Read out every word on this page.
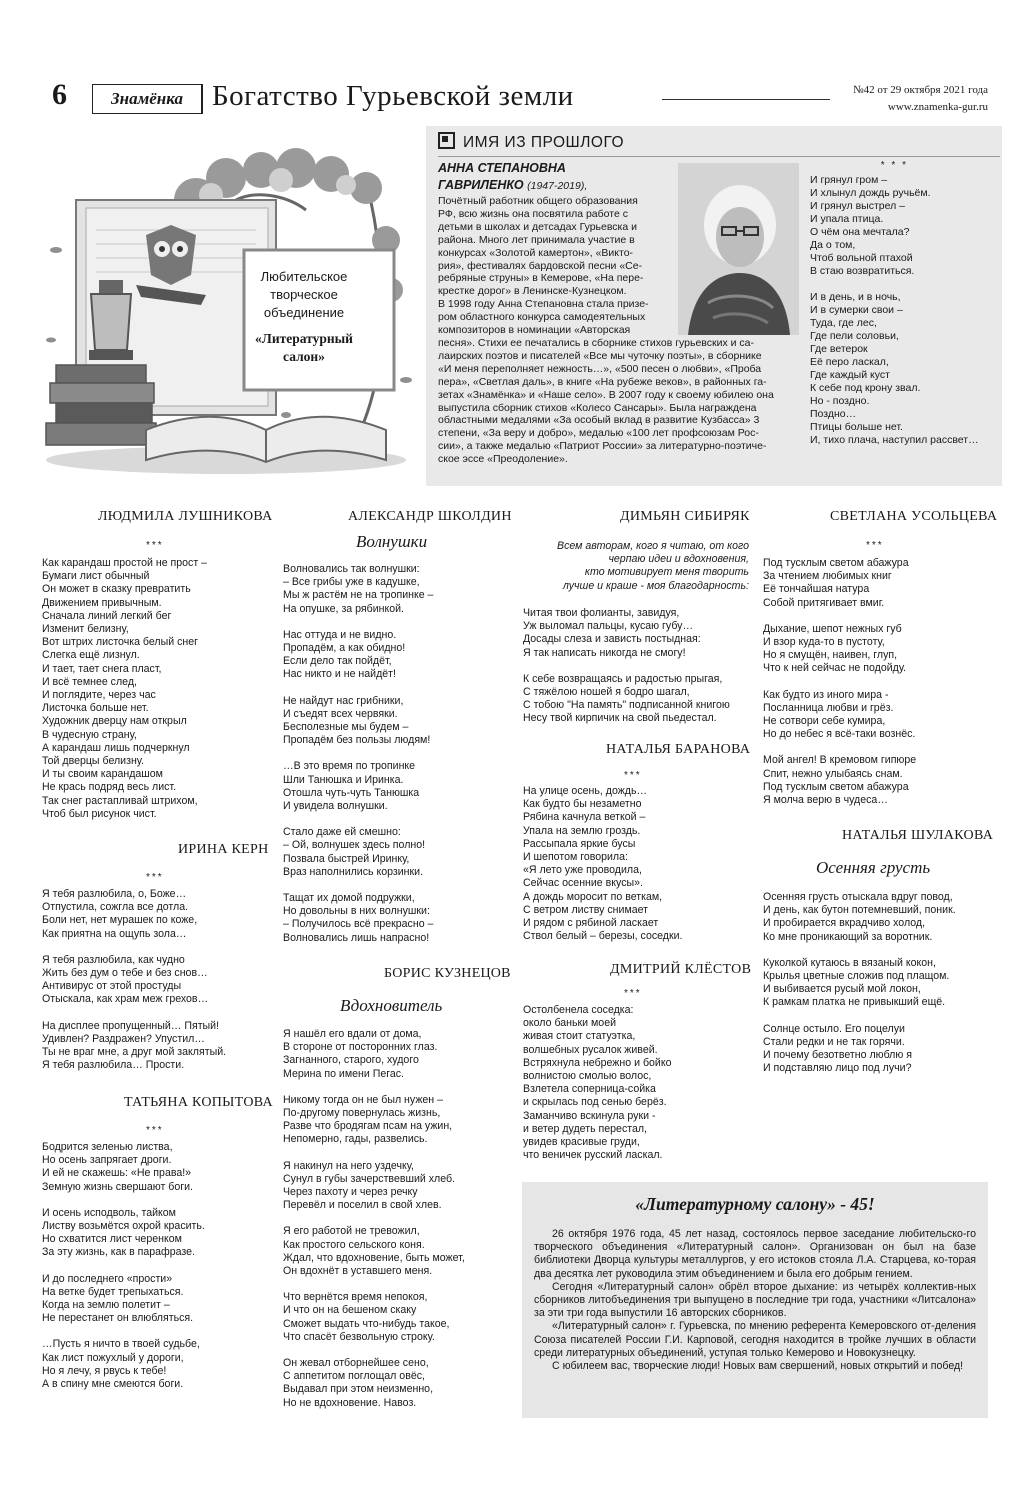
6	Знамёнка	Богатство Гурьевской земли	№42 от 29 октября 2021 года
www.znamenka-gur.ru
Любительское
творческое
объединение
«Литературный
салон»
ИМЯ ИЗ ПРОШЛОГО
АННА СТЕПАНОВНА
ГАВРИЛЕНКО (1947-2019),
Почётный работник общего образования
РФ, всю жизнь она посвятила работе с
детьми в школах и детсадах Гурьевска и
района. Много лет принимала участие в
конкурсах «Золотой камертон», «Викто-
рия», фестивалях бардовской песни «Се-
ребряные струны» в Кемерове, «На пере-
крестке дорог» в Ленинске-Кузнецком.
В 1998 году Анна Степановна стала призе-
ром областного конкурса самодеятельных
композиторов в номинации «Авторская
песня». Стихи ее печатались в сборнике стихов гурьевских и са-
лаирских поэтов и писателей «Все мы чуточку поэты», в сборнике
«И меня переполняет нежность…», «500 песен о любви», «Проба
пера», «Светлая даль», в книге «На рубеже веков», в районных га-
зетах «Знамёнка» и «Наше село». В 2007 году к своему юбилею она
выпустила сборник стихов «Колесо Сансары». Была награждена
областными медалями «За особый вклад в развитие Кузбасса» 3
степени, «За веру и добро», медалью «100 лет профсоюзам Рос-
сии», а также медалью «Патриот России» за литературно-поэтиче-
ское эссе «Преодоление».
* * *
И грянул гром –
И хлынул дождь ручьём.
И грянул выстрел –
И упала птица.
О чём она мечтала?
Да о том,
Чтоб вольной птахой
В стаю возвратиться.
И в день, и в ночь,
И в сумерки свои –
Туда, где лес,
Где пели соловьи,
Где ветерок
Её перо ласкал,
Где каждый куст
К себе под крону звал.
Но - поздно.
Поздно…
Птицы больше нет.
И, тихо плача, наступил рассвет…
ЛЮДМИЛА ЛУШНИКОВА
***
Как карандаш простой не прост –
Бумаги лист обычный
Он может в сказку превратить
Движением привычным.
Сначала линий легкий бег
Изменит белизну,
Вот штрих листочка белый снег
Слегка ещё лизнул.
И тает, тает снега пласт,
И всё темнее след,
И поглядите, через час
Листочка больше нет.
Художник дверцу нам открыл
В чудесную страну,
А карандаш лишь подчеркнул
Той дверцы белизну.
И ты своим карандашом
Не крась подряд весь лист.
Так снег растапливай штрихом,
Чтоб был рисунок чист.
ИРИНА КЕРН
***
Я тебя разлюбила, о, Боже…
Отпустила, сожгла все дотла.
Боли нет, нет мурашек по коже,
Как приятна на ощупь зола…
Я тебя разлюбила, как чудно
Жить без дум о тебе и без снов…
Антивирус от этой простуды
Отыскала, как храм меж грехов…
На дисплее пропущенный… Пятый!
Удивлен? Раздражен? Упустил…
Ты не враг мне, а друг мой заклятый.
Я тебя разлюбила… Прости.
ТАТЬЯНА КОПЫТОВА
***
Бодрится зеленью листва,
Но осень запрягает дроги.
И ей не скажешь: «Не права!»
Земную жизнь свершают боги.
И осень исподволь, тайком
Листву возьмётся охрой красить.
Но схватится лист черенком
За эту жизнь, как в парафразе.
И до последнего «прости»
На ветке будет трепыхаться.
Когда на землю полетит –
Не перестанет он влюбляться.
…Пусть я ничто в твоей судьбе,
Как лист пожухлый у дороги,
Но я лечу, я рвусь к тебе!
А в спину мне смеются боги.
АЛЕКСАНДР ШКОЛДИН
Волнушки
Волновались так волнушки:
– Все грибы уже в кадушке,
Мы ж растём не на тропинке –
На опушке, за рябинкой.
Нас оттуда и не видно.
Пропадём, а как обидно!
Если дело так пойдёт,
Нас никто и не найдёт!
Не найдут нас грибники,
И съедят всех червяки.
Бесполезные мы будем –
Пропадём без пользы людям!
…В это время по тропинке
Шли Танюшка и Иринка.
Отошла чуть-чуть Танюшка
И увидела волнушки.
Стало даже ей смешно:
– Ой, волнушек здесь полно!
Позвала быстрей Иринку,
Враз наполнились корзинки.
Тащат их домой подружки,
Но довольны в них волнушки:
– Получилось всё прекрасно –
Волновались лишь напрасно!
БОРИС КУЗНЕЦОВ
Вдохновитель
Я нашёл его вдали от дома,
В стороне от посторонних глаз.
Загнанного, старого, худого
Мерина по имени Пегас.
Никому тогда он не был нужен –
По-другому повернулась жизнь,
Разве что бродягам псам на ужин,
Непомерно, гады, развелись.
Я накинул на него уздечку,
Сунул в губы зачерствевший хлеб.
Через пахоту и через речку
Перевёл и поселил в свой хлев.
Я его работой не тревожил,
Как простого сельского коня.
Ждал, что вдохновение, быть может,
Он вдохнёт в уставшего меня.
Что вернётся время непокоя,
И что он на бешеном скаку
Сможет выдать что-нибудь такое,
Что спасёт безвольную строку.
Он жевал отборнейшее сено,
С аппетитом поглощал овёс,
Выдавал при этом неизменно,
Но не вдохновение. Навоз.
ДИМЬЯН СИБИРЯК
Всем авторам, кого я читаю, от кого
черпаю идеи и вдохновения,
кто мотивирует меня творить
лучше и краше - моя благодарность:
Читая твои фолианты, завидуя,
Уж выломал пальцы, кусаю губу…
Досады слеза и зависть постыдная:
Я так написать никогда не смогу!
К себе возвращаясь и радостью прыгая,
С тяжёлою ношей я бодро шагал,
С тобою "На память" подписанной книгою
Несу твой кирпичик на свой пьедестал.
НАТАЛЬЯ БАРАНОВА
***
На улице осень, дождь…
Как будто бы незаметно
Рябина качнула веткой –
Упала на землю гроздь.
Рассыпала яркие бусы
И шепотом говорила:
«Я лето уже проводила,
Сейчас осенние вкусы».
А дождь моросит по веткам,
С ветром листву снимает
И рядом с рябиной ласкает
Ствол белый – березы, соседки.
ДМИТРИЙ КЛЁСТОВ
***
Остолбенела соседка:
около баньки моей
живая стоит статуэтка,
волшебных русалок живей.
Встряхнула небрежно и бойко
волнистою смолью волос,
Взлетела соперница-сойка
и скрылась под сенью берёз.
Заманчиво вскинула руки -
и ветер дудеть перестал,
увидев красивые груди,
что веничек русский ласкал.
СВЕТЛАНА УСОЛЬЦЕВА
***
Под тусклым светом абажура
За чтением любимых книг
Её тончайшая натура
Собой притягивает вмиг.
Дыхание, шепот нежных губ
И взор куда-то в пустоту,
Но я смущён, наивен, глуп,
Что к ней сейчас не подойду.
Как будто из иного мира -
Посланница любви и грёз.
Не сотвори себе кумира,
Но до небес я всё-таки вознёс.
Мой ангел! В кремовом гипюре
Спит, нежно улыбаясь снам.
Под тусклым светом абажура
Я молча верю в чудеса…
НАТАЛЬЯ ШУЛАКОВА
Осенняя грусть
Осенняя грусть отыскала вдруг повод,
И день, как бутон потемневший, поник.
И пробирается вкрадчиво холод,
Ко мне проникающий за воротник.
Куколкой кутаюсь в вязаный кокон,
Крылья цветные сложив под плащом.
И выбивается русый мой локон,
К рамкам платка не привыкший ещё.
Солнце остыло. Его поцелуи
Стали редки и не так горячи.
И почему безответно люблю я
И подставляю лицо под лучи?
«Литературному салону» - 45!

26 октября 1976 года, 45 лет назад, состоялось первое заседание любительско-го творческого объединения «Литературный салон». Организован он был на базе библиотеки Дворца культуры металлургов, у его истоков стояла Л.А. Старцева, ко-торая два десятка лет руководила этим объединением и была его добрым гением.

Сегодня «Литературный салон» обрёл второе дыхание: из четырёх коллектив-ных сборников литобъединения три выпущено в последние три года, участники «Литсалона» за эти три года выпустили 16 авторских сборников.

«Литературный салон» г. Гурьевска, по мнению референта Кемеровского от-деления Союза писателей России Г.И. Карповой, сегодня находится в тройке лучших в области среди литературных объединений, уступая только Кемерово и Новокузнецку.

С юбилеем вас, творческие люди! Новых вам свершений, новых открытий и побед!
